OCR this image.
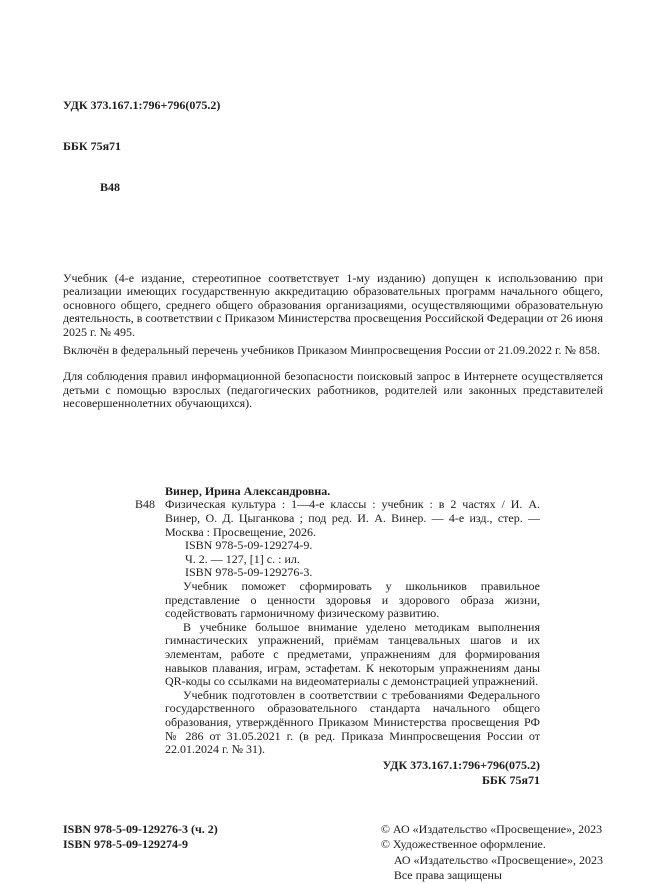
УДК 373.167.1:796+796(075.2)

ББК 75я71

В48

Учебник (4-е издание, стереотипное соответствует 1-му изданию) допущен к использованию при реализации имеющих государственную аккредитацию образовательных программ начального общего, основного общего, среднего общего образования организациями, осуществляющими образовательную деятельность, в соответствии с Приказом Министерства просвещения Российской Федерации от 26 июня 2025 г. № 495.

Включён в федеральный перечень учебников Приказом Минпросвещения России от 21.09.2022 г. № 858.

Для соблюдения правил информационной безопасности поисковый запрос в Интернете осуществляется детьми с помощью взрослых (педагогических работников, родителей или законных представителей несовершеннолетних обучающихся).

Винер, Ирина Александровна.

В48 Физическая культура : 1—4-е классы : учебник : в 2 частях / И. А. Винер, О. Д. Цыганкова ; под ред. И. А. Винер. — 4-е изд., стер. — Москва : Просвещение, 2026.

ISBN 978-5-09-129274-9.

Ч. 2. — 127, [1] с. : ил.

ISBN 978-5-09-129276-3.

Учебник поможет сформировать у школьников правильное представление о ценности здоровья и здорового образа жизни, содействовать гармоничному физическому развитию.

В учебнике большое внимание уделено методикам выполнения гимнастических упражнений, приёмам танцевальных шагов и их элементам, работе с предметами, упражнениям для формирования навыков плавания, играм, эстафетам. К некоторым упражнениям даны QR-коды со ссылками на видеоматериалы с демонстрацией упражнений.

Учебник подготовлен в соответствии с требованиями Федерального государственного образовательного стандарта начального общего образования, утверждённого Приказом Министерства просвещения РФ № 286 от 31.05.2021 г. (в ред. Приказа Минпросвещения России от 22.01.2024 г. № 31).

УДК 373.167.1:796+796(075.2)

ББК 75я71

ISBN 978-5-09-129276-3 (ч. 2)
ISBN 978-5-09-129274-9
© АО «Издательство «Просвещение», 2023
© Художественное оформление.
АО «Издательство «Просвещение», 2023
Все права защищены
